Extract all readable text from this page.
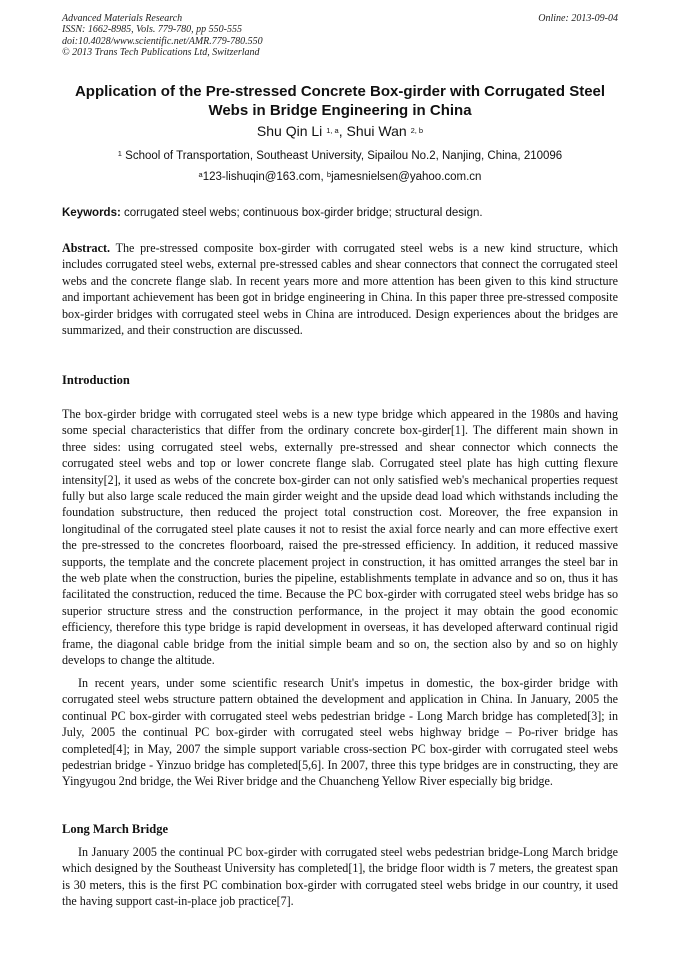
Advanced Materials Research
ISSN: 1662-8985, Vols. 779-780, pp 550-555
doi:10.4028/www.scientific.net/AMR.779-780.550
© 2013 Trans Tech Publications Ltd, Switzerland
Online: 2013-09-04
Application of the Pre-stressed Concrete Box-girder with Corrugated Steel Webs in Bridge Engineering in China
Shu Qin Li $^{1, a}$, Shui Wan $^{2, b}$
$^1$ School of Transportation, Southeast University, Sipailou No.2, Nanjing, China, 210096
$^a$123-lishuqin@163.com, $^b$jamesnielsen@yahoo.com.cn
Keywords: corrugated steel webs; continuous box-girder bridge; structural design.

Abstract. The pre-stressed composite box-girder with corrugated steel webs is a new kind structure, which includes corrugated steel webs, external pre-stressed cables and shear connectors that connect the corrugated steel webs and the concrete flange slab. In recent years more and more attention has been given to this kind structure and important achievement has been got in bridge engineering in China. In this paper three pre-stressed composite box-girder bridges with corrugated steel webs in China are introduced. Design experiences about the bridges are summarized, and their construction are discussed.

Introduction

The box-girder bridge with corrugated steel webs is a new type bridge which appeared in the 1980s and having some special characteristics that differ from the ordinary concrete box-girder[1]. The different main shown in three sides: using corrugated steel webs, externally pre-stressed and shear connector which connects the corrugated steel webs and top or lower concrete flange slab. Corrugated steel plate has high cutting flexure intensity[2], it used as webs of the concrete box-girder can not only satisfied web's mechanical properties request fully but also large scale reduced the main girder weight and the upside dead load which withstands including the foundation substructure, then reduced the project total construction cost. Moreover, the free expansion in longitudinal of the corrugated steel plate causes it not to resist the axial force nearly and can more effective exert the pre-stressed to the concretes floorboard, raised the pre-stressed efficiency. In addition, it reduced massive supports, the template and the concrete placement project in construction, it has omitted arranges the steel bar in the web plate when the construction, buries the pipeline, establishments template in advance and so on, thus it has facilitated the construction, reduced the time. Because the PC box-girder with corrugated steel webs bridge has so superior structure stress and the construction performance, in the project it may obtain the good economic efficiency, therefore this type bridge is rapid development in overseas, it has developed afterward continual rigid frame, the diagonal cable bridge from the initial simple beam and so on, the section also by and so on highly develops to change the altitude.

In recent years, under some scientific research Unit's impetus in domestic, the box-girder bridge with corrugated steel webs structure pattern obtained the development and application in China. In January, 2005 the continual PC box-girder with corrugated steel webs pedestrian bridge - Long March bridge has completed[3]; in July, 2005 the continual PC box-girder with corrugated steel webs highway bridge – Po-river bridge has completed[4]; in May, 2007 the simple support variable cross-section PC box-girder with corrugated steel webs pedestrian bridge - Yinzuo bridge has completed[5,6]. In 2007, three this type bridges are in constructing, they are Yingyugou 2nd bridge, the Wei River bridge and the Chuancheng Yellow River especially big bridge.

Long March Bridge

In January 2005 the continual PC box-girder with corrugated steel webs pedestrian bridge-Long March bridge which designed by the Southeast University has completed[1], the bridge floor width is 7 meters, the greatest span is 30 meters, this is the first PC combination box-girder with corrugated steel webs bridge in our country, it used the having support cast-in-place job practice[7].
